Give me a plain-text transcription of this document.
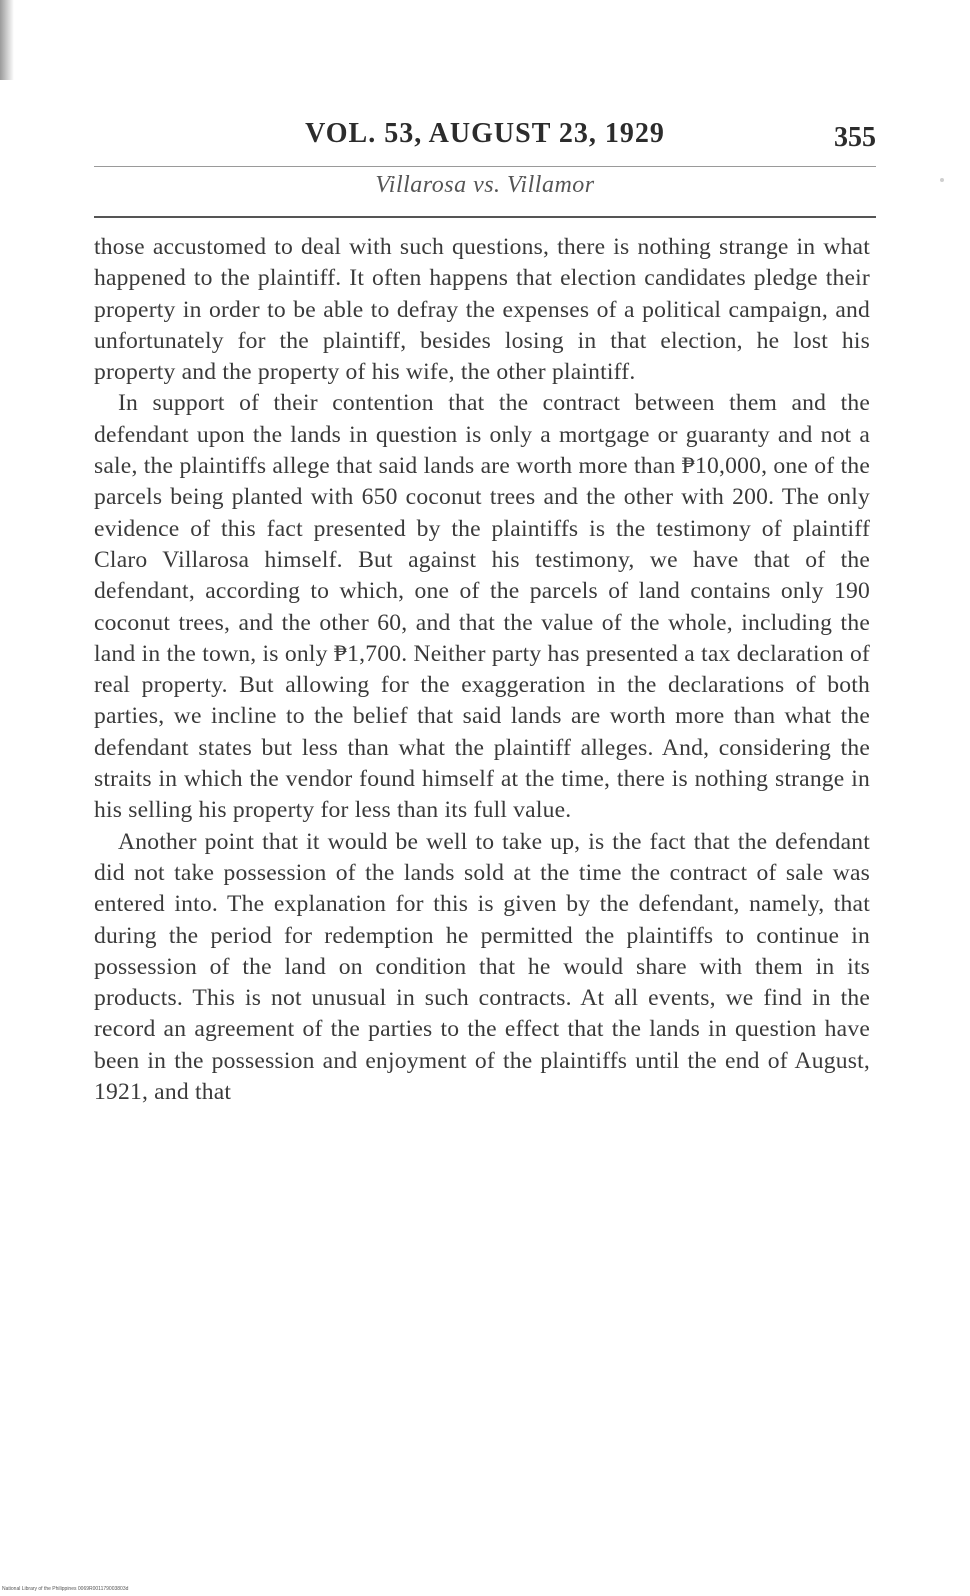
VOL. 53, AUGUST 23, 1929	355
Villarosa vs. Villamor

those accustomed to deal with such questions, there is nothing strange in what happened to the plaintiff. It often happens that election candidates pledge their property in order to be able to defray the expenses of a political campaign, and unfortunately for the plaintiff, besides losing in that election, he lost his property and the property of his wife, the other plaintiff.

In support of their contention that the contract between them and the defendant upon the lands in question is only a mortgage or guaranty and not a sale, the plaintiffs allege that said lands are worth more than ₱10,000, one of the parcels being planted with 650 coconut trees and the other with 200. The only evidence of this fact presented by the plaintiffs is the testimony of plaintiff Claro Villarosa himself. But against his testimony, we have that of the defendant, according to which, one of the parcels of land contains only 190 coconut trees, and the other 60, and that the value of the whole, including the land in the town, is only ₱1,700. Neither party has presented a tax declaration of real property. But allowing for the exaggeration in the declarations of both parties, we incline to the belief that said lands are worth more than what the defendant states but less than what the plaintiff alleges. And, considering the straits in which the vendor found himself at the time, there is nothing strange in his selling his property for less than its full value.

Another point that it would be well to take up, is the fact that the defendant did not take possession of the lands sold at the time the contract of sale was entered into. The explanation for this is given by the defendant, namely, that during the period for redemption he permitted the plaintiffs to continue in possession of the land on condition that he would share with them in its products. This is not unusual in such contracts. At all events, we find in the record an agreement of the parties to the effect that the lands in question have been in the possession and enjoyment of the plaintiffs until the end of August, 1921, and that

National Library of the Philippines 0069R001179003803d
